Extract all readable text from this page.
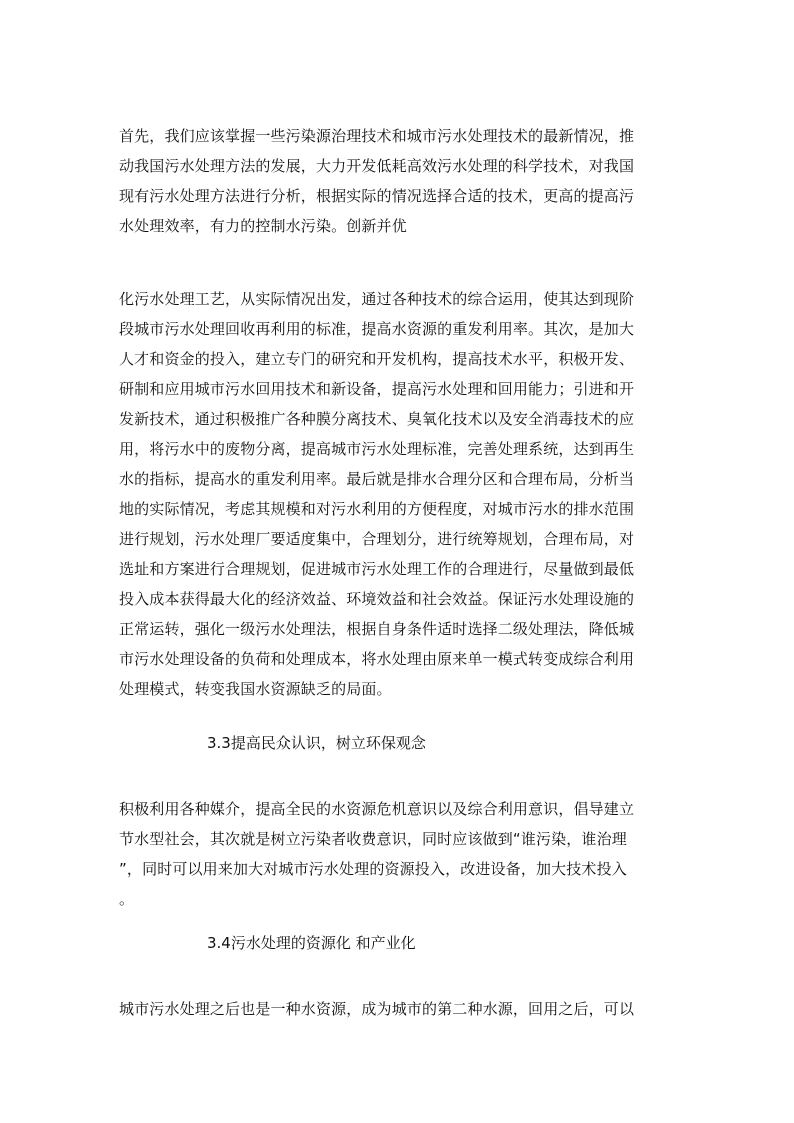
首先，我们应该掌握一些污染源治理技术和城市污水处理技术的最新情况，推
动我国污水处理方法的发展，大力开发低耗高效污水处理的科学技术，对我国
现有污水处理方法进行分析，根据实际的情况选择合适的技术，更高的提高污
水处理效率，有力的控制水污染。创新并优
化污水处理工艺，从实际情况出发，通过各种技术的综合运用，使其达到现阶
段城市污水处理回收再利用的标准，提高水资源的重发利用率。其次，是加大
人才和资金的投入，建立专门的研究和开发机构，提高技术水平，积极开发、
研制和应用城市污水回用技术和新设备，提高污水处理和回用能力；引进和开
发新技术，通过积极推广各种膜分离技术、臭氧化技术以及安全消毒技术的应
用，将污水中的废物分离，提高城市污水处理标准，完善处理系统，达到再生
水的指标，提高水的重发利用率。最后就是排水合理分区和合理布局，分析当
地的实际情况，考虑其规模和对污水利用的方便程度，对城市污水的排水范围
进行规划，污水处理厂要适度集中，合理划分，进行统筹规划，合理布局，对
选址和方案进行合理规划，促进城市污水处理工作的合理进行，尽量做到最低
投入成本获得最大化的经济效益、环境效益和社会效益。保证污水处理设施的
正常运转，强化一级污水处理法，根据自身条件适时选择二级处理法，降低城
市污水处理设备的负荷和处理成本，将水处理由原来单一模式转变成综合利用
处理模式，转变我国水资源缺乏的局面。
3.3提高民众认识，树立环保观念
积极利用各种媒介，提高全民的水资源危机意识以及综合利用意识，倡导建立
节水型社会，其次就是树立污染者收费意识，同时应该做到“谁污染，谁治理
”，同时可以用来加大对城市污水处理的资源投入，改进设备，加大技术投入
。
3.4污水处理的资源化 和产业化
城市污水处理之后也是一种水资源，成为城市的第二种水源，回用之后，可以
